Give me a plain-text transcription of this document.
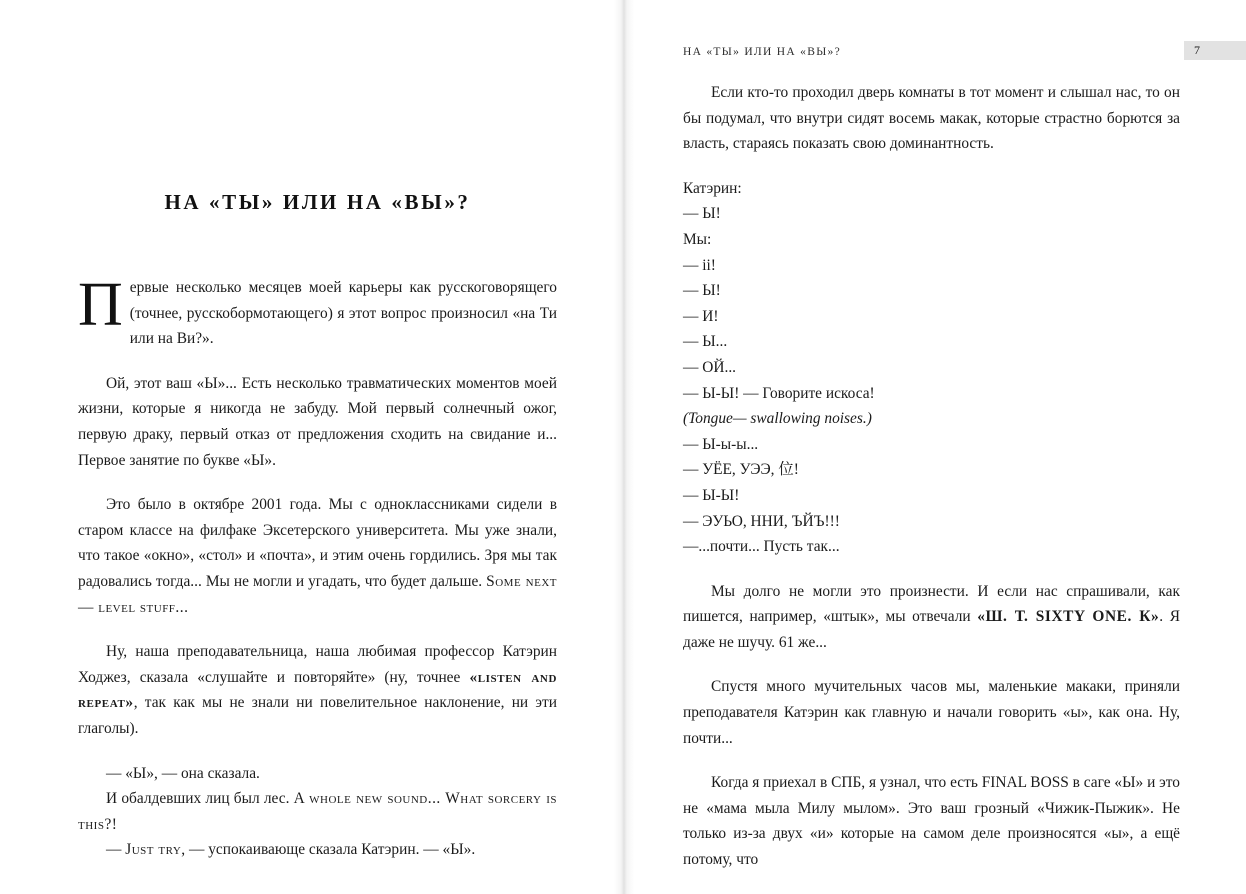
НА «ТЫ» ИЛИ НА «ВЫ»?

Первые несколько месяцев моей карьеры как русскоговорящего (точнее, русскобормотающего) я этот вопрос произносил «на Ти или на Ви?».

Ой, этот ваш «Ы»... Есть несколько травматических моментов моей жизни, которые я никогда не забуду. Мой первый солнечный ожог, первую драку, первый отказ от предложения сходить на свидание и... Первое занятие по букве «Ы».

Это было в октябре 2001 года. Мы с одноклассниками сидели в старом классе на филфаке Эксетерского университета. Мы уже знали, что такое «окно», «стол» и «почта», и этим очень гордились. Зря мы так радовались тогда... Мы не могли и угадать, что будет дальше. Some next — level stuff...

Ну, наша преподавательница, наша любимая профессор Катэрин Ходжез, сказала «слушайте и повторяйте» (ну, точнее «listen and repeat», так как мы не знали ни повелительное наклонение, ни эти глаголы).

— «Ы», — она сказала.

И обалдевших лиц был лес. A whole new sound... What sorcery is this?!

— Just try, — успокаивающе сказала Катэрин. — «Ы».

НА «ТЫ» ИЛИ НА «ВЫ»?	7

Если кто-то проходил дверь комнаты в тот момент и слышал нас, то он бы подумал, что внутри сидят восемь макак, которые страстно борются за власть, стараясь показать свою доминантность.

Катэрин:

— Ы!

Мы:

— ii!

— Ы!

— И!

— Ы...

— ОЙ...

— Ы-Ы! — Говорите искоса!

(Tongue— swallowing noises.)

— Ы-ы-ы...

— УЁЕ, УЭЭ, 位!

— Ы-Ы!

— ЭУЬО, ННИ, ЪЙЪ!!!

—...почти... Пусть так...

Мы долго не могли это произнести. И если нас спрашивали, как пишется, например, «штык», мы отвечали «Ш. Т. SIXTY ONE. К». Я даже не шучу. 61 же...

Спустя много мучительных часов мы, маленькие макаки, приняли преподавателя Катэрин как главную и начали говорить «ы», как она. Ну, почти...

Когда я приехал в СПБ, я узнал, что есть FINAL BOSS в саге «Ы» и это не «мама мыла Милу мылом». Это ваш грозный «Чижик-Пыжик». Не только из-за двух «и» которые на самом деле произносятся «ы», а ещё потому, что
